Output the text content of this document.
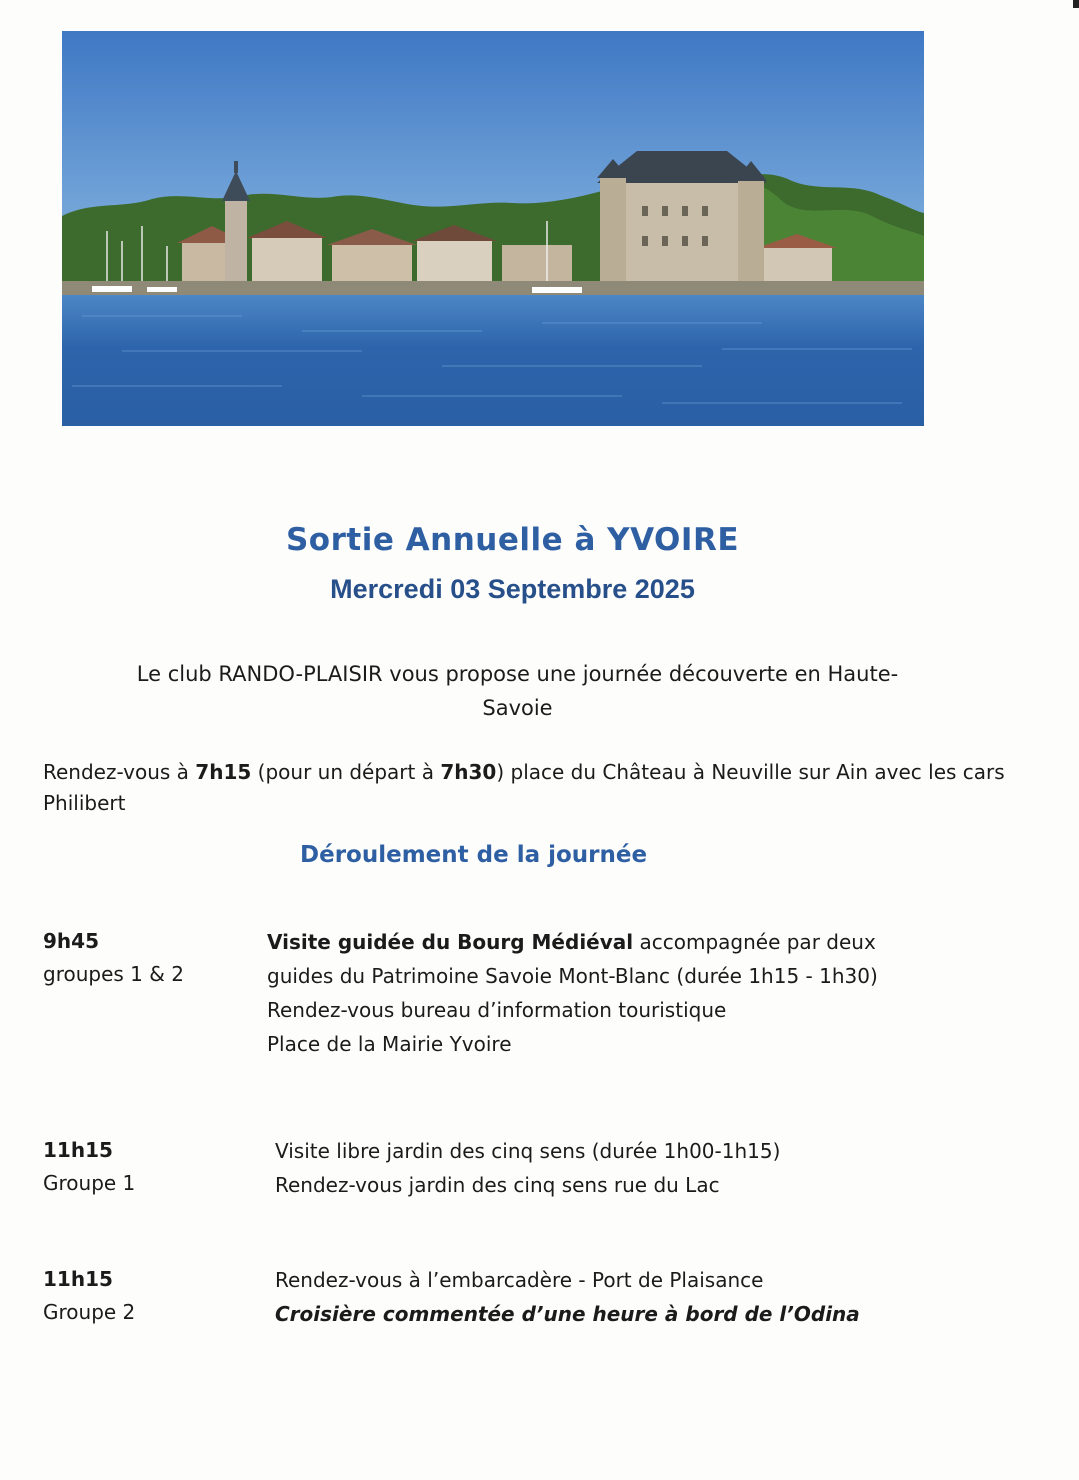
Sortie Annuelle à YVOIRE
Mercredi 03 Septembre 2025
Le club RANDO-PLAISIR vous propose une journée découverte en Haute-Savoie
Rendez-vous à 7h15 (pour un départ à 7h30) place du Château à Neuville sur Ain avec les cars Philibert
Déroulement de la journée
9h45
groupes 1 & 2
Visite guidée du Bourg Médiéval accompagnée par deux guides du Patrimoine Savoie Mont-Blanc (durée 1h15 - 1h30)
Rendez-vous bureau d’information touristique
Place de la Mairie Yvoire
11h15
Groupe 1
Visite libre jardin des cinq sens (durée 1h00-1h15)
Rendez-vous jardin des cinq sens rue du Lac
11h15
Groupe 2
Rendez-vous à l’embarcadère - Port de Plaisance
Croisière commentée d’une heure à bord de l’Odina
